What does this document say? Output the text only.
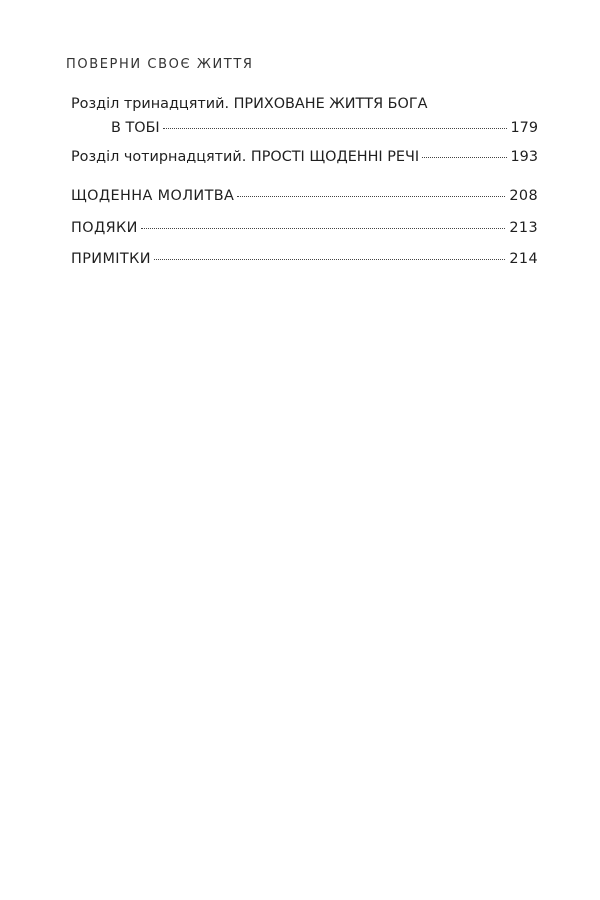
ПОВЕРНИ СВОЄ ЖИТТЯ
Розділ тринадцятий. ПРИХОВАНЕ ЖИТТЯ БОГА
В ТОБІ	179
Розділ чотирнадцятий. ПРОСТІ ЩОДЕННІ РЕЧІ	193
ЩОДЕННА МОЛИТВА	208
ПОДЯКИ	213
ПРИМІТКИ	214
